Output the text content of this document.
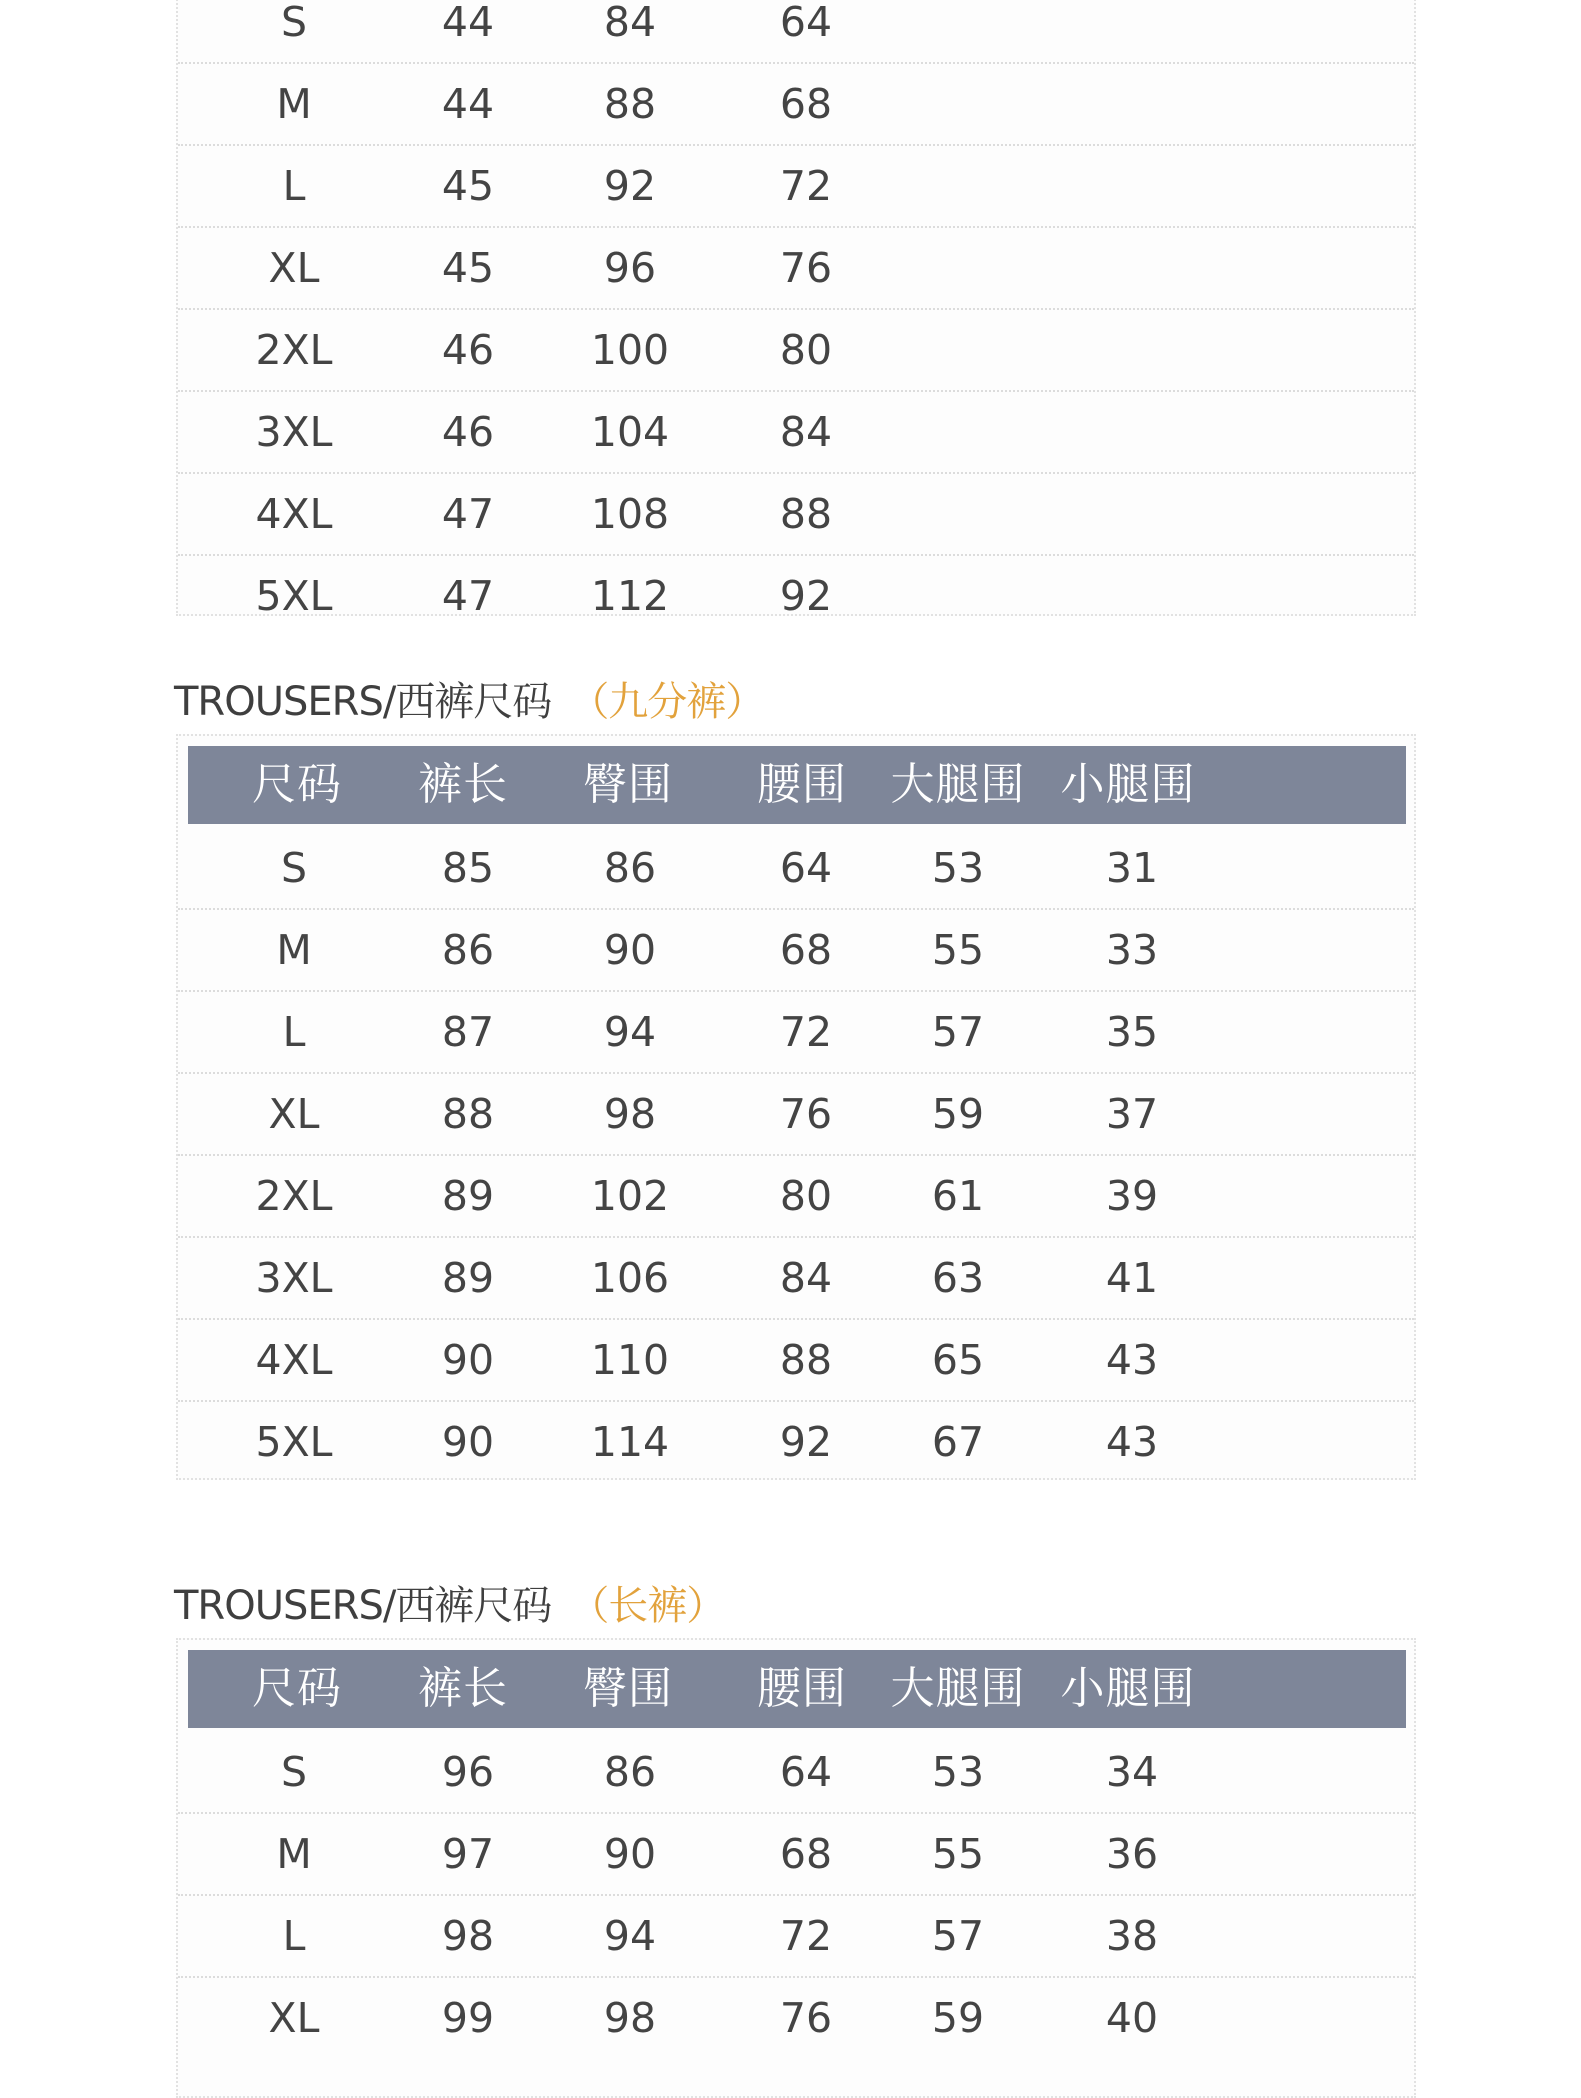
S	44	84	64
M	44	88	68
L	45	92	72
XL	45	96	76
2XL	46	100	80
3XL	46	104	84
4XL	47	108	88
5XL	47	112	92
TROUSERS/西裤尺码 （九分裤）
尺码	裤长	臀围	腰围 大腿围 小腿围
S	85	86	64	53	31
M	86	90	68	55	33
L	87	94	72	57	35
XL	88	98	76	59	37
2XL	89	102	80	61	39
3XL	89	106	84	63	41
4XL	90	110	88	65	43
5XL	90	114	92	67	43
TROUSERS/西裤尺码 （长裤）
尺码	裤长	臀围	腰围 大腿围 小腿围
S	96	86	64	53	34
M	97	90	68	55	36
L	98	94	72	57	38
XL	99	98	76	59	40
